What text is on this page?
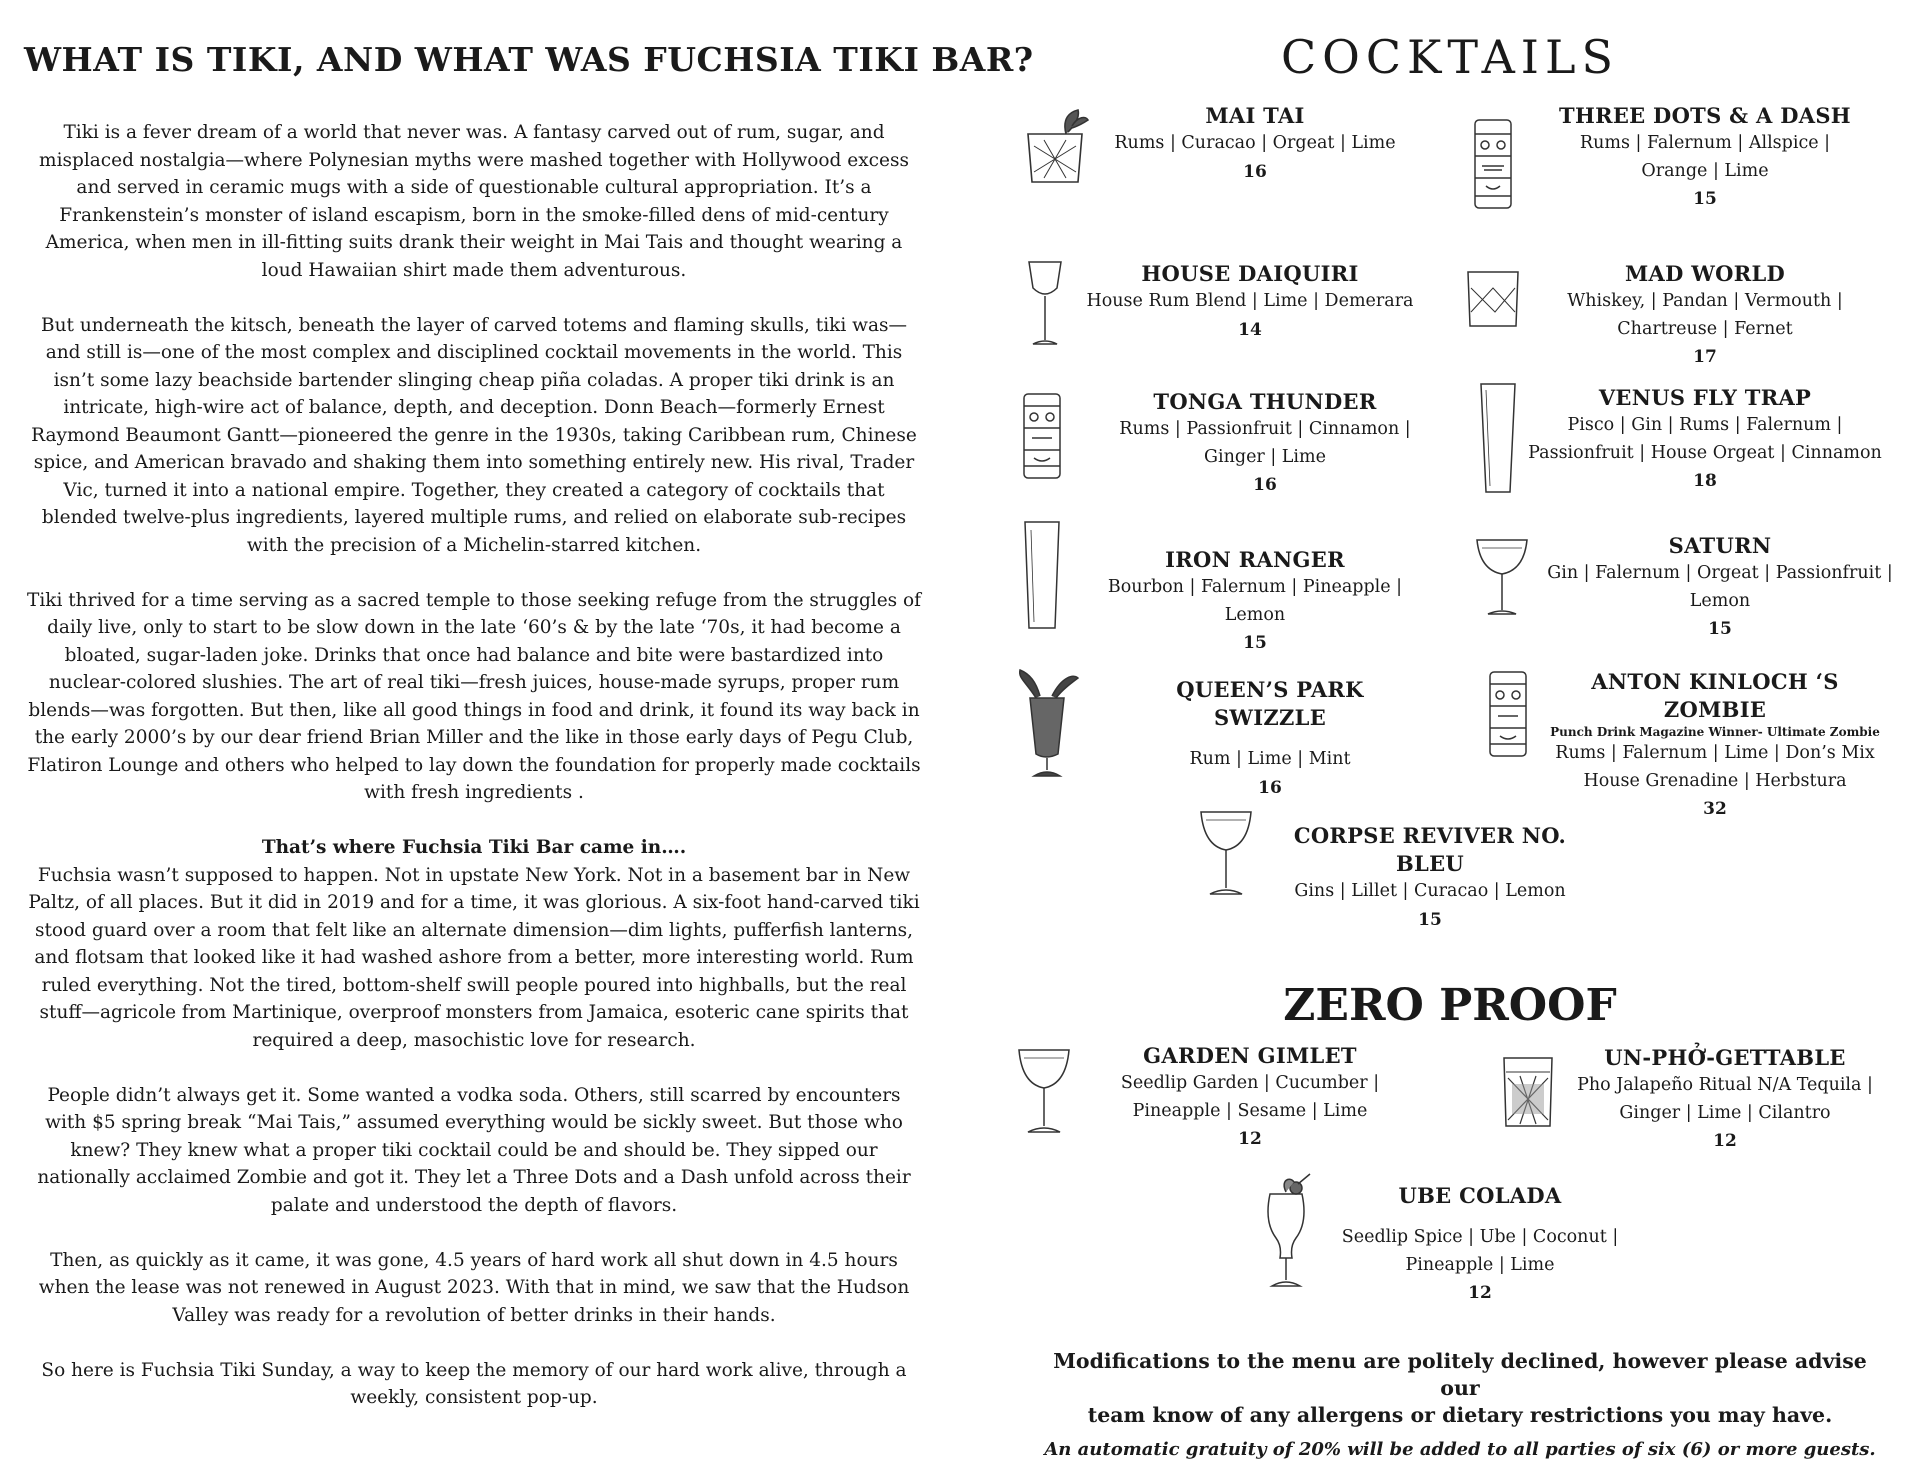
WHAT IS TIKI, AND WHAT WAS FUCHSIA TIKI BAR?

Tiki is a fever dream of a world that never was. A fantasy carved out of rum, sugar, and misplaced nostalgia—where Polynesian myths were mashed together with Hollywood excess and served in ceramic mugs with a side of questionable cultural appropriation. It’s a Frankenstein’s monster of island escapism, born in the smoke-filled dens of mid-century America, when men in ill-fitting suits drank their weight in Mai Tais and thought wearing a loud Hawaiian shirt made them adventurous.

But underneath the kitsch, beneath the layer of carved totems and flaming skulls, tiki was—and still is—one of the most complex and disciplined cocktail movements in the world. This isn’t some lazy beachside bartender slinging cheap piña coladas. A proper tiki drink is an intricate, high-wire act of balance, depth, and deception. Donn Beach—formerly Ernest Raymond Beaumont Gantt—pioneered the genre in the 1930s, taking Caribbean rum, Chinese spice, and American bravado and shaking them into something entirely new. His rival, Trader Vic, turned it into a national empire. Together, they created a category of cocktails that blended twelve-plus ingredients, layered multiple rums, and relied on elaborate sub-recipes with the precision of a Michelin-starred kitchen.

Tiki thrived for a time serving as a sacred temple to those seeking refuge from the struggles of daily live, only to start to be slow down in the late ‘60’s & by the late ‘70s, it had become a bloated, sugar-laden joke. Drinks that once had balance and bite were bastardized into nuclear-colored slushies. The art of real tiki—fresh juices, house-made syrups, proper rum blends—was forgotten. But then, like all good things in food and drink, it found its way back in the early 2000’s by our dear friend Brian Miller and the like in those early days of Pegu Club, Flatiron Lounge and others who helped to lay down the foundation for properly made cocktails with fresh ingredients .

That’s where Fuchsia Tiki Bar came in….
Fuchsia wasn’t supposed to happen. Not in upstate New York. Not in a basement bar in New Paltz, of all places. But it did in 2019 and for a time, it was glorious. A six-foot hand-carved tiki stood guard over a room that felt like an alternate dimension—dim lights, pufferfish lanterns, and flotsam that looked like it had washed ashore from a better, more interesting world. Rum ruled everything. Not the tired, bottom-shelf swill people poured into highballs, but the real stuff—agricole from Martinique, overproof monsters from Jamaica, esoteric cane spirits that required a deep, masochistic love for research.

People didn’t always get it. Some wanted a vodka soda. Others, still scarred by encounters with $5 spring break “Mai Tais,” assumed everything would be sickly sweet. But those who knew? They knew what a proper tiki cocktail could be and should be. They sipped our nationally acclaimed Zombie and got it. They let a Three Dots and a Dash unfold across their palate and understood the depth of flavors.

Then, as quickly as it came, it was gone, 4.5 years of hard work all shut down in 4.5 hours when the lease was not renewed in August 2023. With that in mind, we saw that the Hudson Valley was ready for a revolution of better drinks in their hands.

So here is Fuchsia Tiki Sunday, a way to keep the memory of our hard work alive, through a weekly, consistent pop-up.

COCKTAILS
MAI TAI
Rums | Curacao | Orgeat | Lime
16
THREE DOTS & A DASH
Rums | Falernum | Allspice |
Orange | Lime
15
HOUSE DAIQUIRI
House Rum Blend | Lime | Demerara
14
MAD WORLD
Whiskey, | Pandan | Vermouth |
Chartreuse | Fernet
17
TONGA THUNDER
Rums | Passionfruit | Cinnamon |
Ginger | Lime
16
VENUS FLY TRAP
Pisco | Gin | Rums | Falernum |
Passionfruit | House Orgeat | Cinnamon
18
IRON RANGER
Bourbon | Falernum | Pineapple |
Lemon
15
SATURN
Gin | Falernum | Orgeat | Passionfruit |
Lemon
15
QUEEN’S PARK SWIZZLE
Rum | Lime | Mint
16
ANTON KINLOCH ‘S ZOMBIE
Punch Drink Magazine Winner- Ultimate Zombie
Rums | Falernum | Lime | Don’s Mix
House Grenadine | Herbstura
32
CORPSE REVIVER NO. BLEU
Gins | Lillet | Curacao | Lemon
15
ZERO PROOF
GARDEN GIMLET
Seedlip Garden | Cucumber |
Pineapple | Sesame | Lime
12
UN-PHỞ-GETTABLE
Pho Jalapeño Ritual N/A Tequila |
Ginger | Lime | Cilantro
12
UBE COLADA
Seedlip Spice | Ube | Coconut |
Pineapple | Lime
12

Modifications to the menu are politely declined, however please advise our
team know of any allergens or dietary restrictions you may have.

An automatic gratuity of 20% will be added to all parties of six (6) or more guests.
